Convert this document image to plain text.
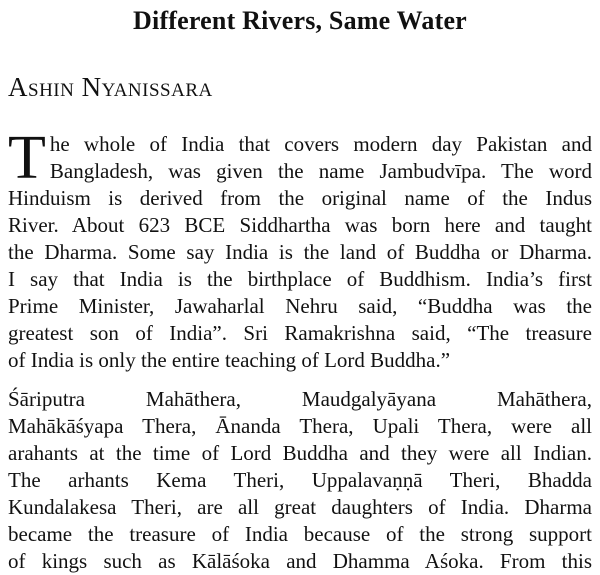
Different Rivers, Same Water
Ashin Nyanissara
T he whole of India that covers modern day Pakistan and
Bangladesh, was given the name Jambudvīpa. The word
Hinduism is derived from the original name of the Indus
River. About 623 BCE Siddhartha was born here and taught
the Dharma. Some say India is the land of Buddha or Dharma.
I say that India is the birthplace of Buddhism. India’s first
Prime Minister, Jawaharlal Nehru said, “Buddha was the
greatest son of India”. Sri Ramakrishna said, “The treasure
of India is only the entire teaching of Lord Buddha.”
Śāriputra Mahāthera, Maudgalyāyana Mahāthera,
Mahākāśyapa Thera, Ānanda Thera, Upali Thera, were all
arahants at the time of Lord Buddha and they were all Indian.
The arhants Kema Theri, Uppalavaṇṇā Theri, Bhadda
Kundalakesa Theri, are all great daughters of India. Dharma
became the treasure of India because of the strong support
of kings such as Kālāśoka and Dhamma Aśoka. From this
